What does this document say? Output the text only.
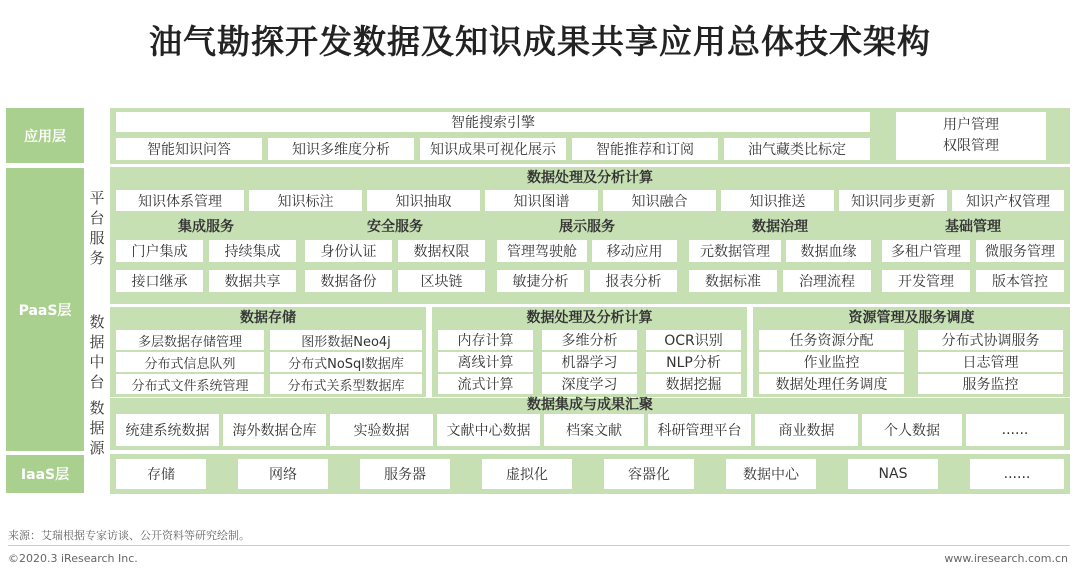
油气勘探开发数据及知识成果共享应用总体技术架构
应用层
PaaS层
IaaS层
智能搜索引擎
智能知识问答	知识多维度分析	知识成果可视化展示	智能推荐和订阅	油气藏类比标定
用户管理
权限管理
平
台
服
务
数据处理及分析计算
知识体系管理	知识标注	知识抽取	知识图谱	知识融合	知识推送	知识同步更新	知识产权管理
集成服务
门户集成	持续集成
接口继承	数据共享
安全服务
身份认证	数据权限
数据备份	区块链
展示服务
管理驾驶舱	移动应用
敏捷分析	报表分析
数据治理
元数据管理	数据血缘
数据标准	治理流程
基础管理
多租户管理	微服务管理
开发管理	版本管控
数
据
中
台
数据存储
多层数据存储管理	图形数据Neo4j
分布式信息队列	分布式NoSql数据库
分布式文件系统管理	分布式关系型数据库
数据处理及分析计算
内存计算	多维分析	OCR识别
离线计算	机器学习	NLP分析
流式计算	深度学习	数据挖掘
资源管理及服务调度
任务资源分配	分布式协调服务
作业监控	日志管理
数据处理任务调度	服务监控
数
据
源
数据集成与成果汇聚
统建系统数据	海外数据仓库	实验数据	文献中心数据	档案文献	科研管理平台	商业数据	个人数据	......
存储	网络	服务器	虚拟化	容器化	数据中心	NAS	......
来源：艾瑞根据专家访谈、公开资料等研究绘制。
©2020.3 iResearch Inc.	www.iresearch.com.cn
